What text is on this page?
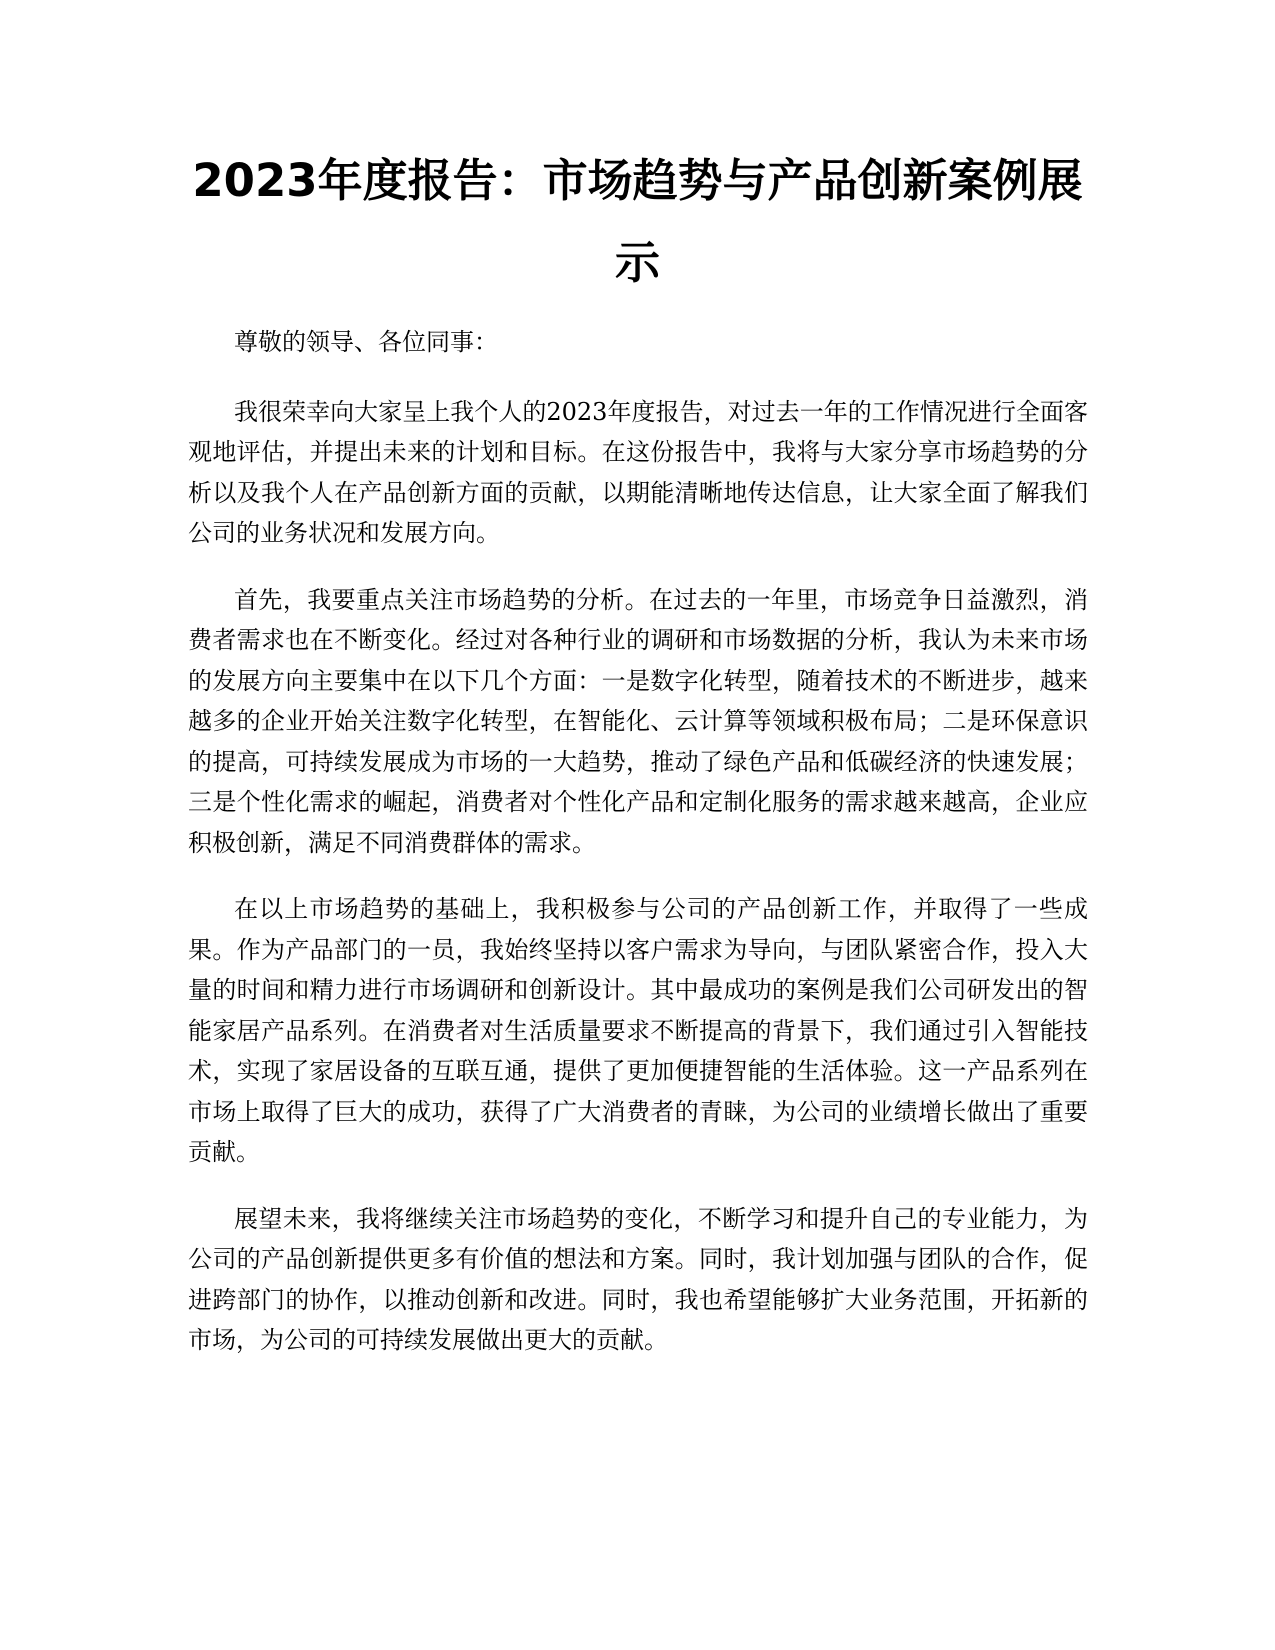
2023年度报告：市场趋势与产品创新案例展示

尊敬的领导、各位同事：

我很荣幸向大家呈上我个人的2023年度报告，对过去一年的工作情况进行全面客观地评估，并提出未来的计划和目标。在这份报告中，我将与大家分享市场趋势的分析以及我个人在产品创新方面的贡献，以期能清晰地传达信息，让大家全面了解我们公司的业务状况和发展方向。

首先，我要重点关注市场趋势的分析。在过去的一年里，市场竞争日益激烈，消费者需求也在不断变化。经过对各种行业的调研和市场数据的分析，我认为未来市场的发展方向主要集中在以下几个方面：一是数字化转型，随着技术的不断进步，越来越多的企业开始关注数字化转型，在智能化、云计算等领域积极布局；二是环保意识的提高，可持续发展成为市场的一大趋势，推动了绿色产品和低碳经济的快速发展；三是个性化需求的崛起，消费者对个性化产品和定制化服务的需求越来越高，企业应积极创新，满足不同消费群体的需求。

在以上市场趋势的基础上，我积极参与公司的产品创新工作，并取得了一些成果。作为产品部门的一员，我始终坚持以客户需求为导向，与团队紧密合作，投入大量的时间和精力进行市场调研和创新设计。其中最成功的案例是我们公司研发出的智能家居产品系列。在消费者对生活质量要求不断提高的背景下，我们通过引入智能技术，实现了家居设备的互联互通，提供了更加便捷智能的生活体验。这一产品系列在市场上取得了巨大的成功，获得了广大消费者的青睐，为公司的业绩增长做出了重要贡献。

展望未来，我将继续关注市场趋势的变化，不断学习和提升自己的专业能力，为公司的产品创新提供更多有价值的想法和方案。同时，我计划加强与团队的合作，促进跨部门的协作，以推动创新和改进。同时，我也希望能够扩大业务范围，开拓新的市场，为公司的可持续发展做出更大的贡献。
